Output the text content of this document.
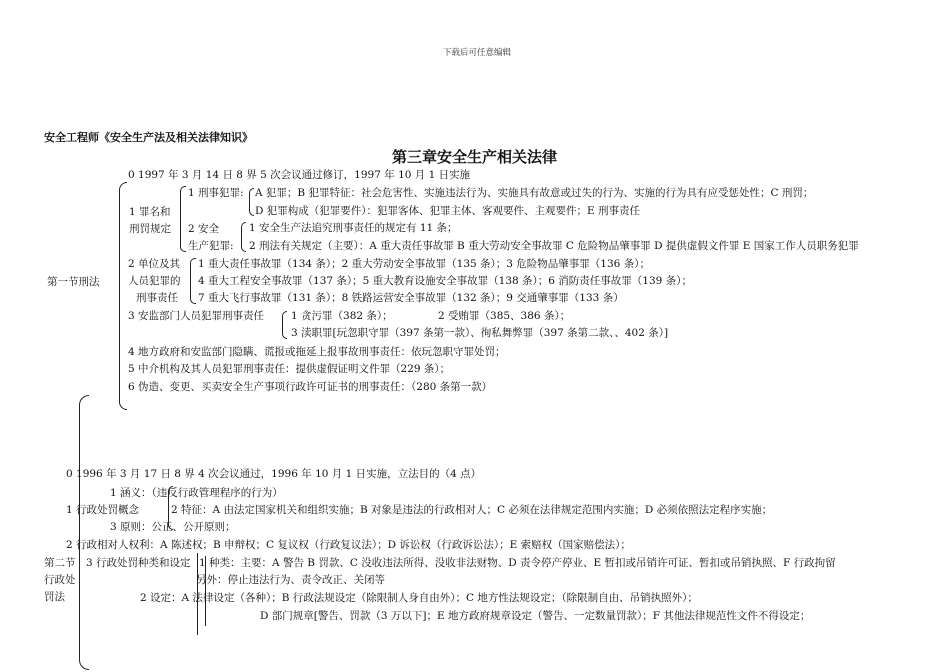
下载后可任意编辑
安全工程师《安全生产法及相关法律知识》
第三章安全生产相关法律
0 1997 年 3 月 14 日 8 界 5 次会议通过修订，1997 年 10 月 1 日实施
第一节刑法
1 罪名和
刑罚规定
1 刑事犯罪: A 犯罪；B 犯罪特征：社会危害性、实施违法行为、实施具有故意或过失的行为、实施的行为具有应受惩处性；C 刑罚；
D 犯罪构成（犯罪要件）：犯罪客体、犯罪主体、客观要件、主观要件；E 刑事责任
2 安全
生产犯罪:
1 安全生产法追究刑事责任的规定有 11 条；
2 刑法有关规定（主要）：A 重大责任事故罪 B 重大劳动安全事故罪 C 危险物品肇事罪 D 提供虚假文件罪 E 国家工作人员职务犯罪
2 单位及其
人员犯罪的
刑事责任
1 重大责任事故罪（134 条）；2 重大劳动安全事故罪（135 条）；3 危险物品肇事罪（136 条）；
4 重大工程安全事故罪（137 条）；5 重大教育设施安全事故罪（138 条）；6 消防责任事故罪（139 条）；
7 重大飞行事故罪（131 条）；8 铁路运营安全事故罪（132 条）；9 交通肇事罪（133 条）
3 安监部门人员犯罪刑事责任	1 贪污罪（382 条）；	2 受贿罪（385、386 条）；
3 渎职罪[玩忽职守罪（397 条第一款）、徇私舞弊罪（397 条第二款、、402 条）]
4 地方政府和安监部门隐瞒、谎报或拖延上报事故刑事责任：依玩忽职守罪处罚；
5 中介机构及其人员犯罪刑事责任：提供虚假证明文件罪（229 条）；
6 伪造、变更、买卖安全生产事项行政许可证书的刑事责任：（280 条第一款）
0 1996 年 3 月 17 日 8 界 4 次会议通过，1996 年 10 月 1 日实施，立法目的（4 点）
1 涵义：（违反行政管理程序的行为）
1 行政处罚概念	2 特征：A 由法定国家机关和组织实施；B 对象是违法的行政相对人；C 必须在法律规定范围内实施；D 必须依照法定程序实施；
3 原则：公正、公开原则；
2 行政相对人权利：A 陈述权；B 申辩权；C 复议权（行政复议法）；D 诉讼权（行政诉讼法）；E 索赔权（国家赔偿法）；
第二节
行政处
罚法
3 行政处罚种类和设定 1 种类：主要：A 警告 B 罚款、C 没收违法所得、没收非法财物、D 责令停产停业、E 暂扣或吊销许可证、暂扣或吊销执照、F 行政拘留
另外：停止违法行为、责令改正、关闭等
2 设定：A 法律设定（各种）；B 行政法规设定（除限制人身自由外）；C 地方性法规设定；（除限制自由、吊销执照外）；
D 部门规章[警告、罚款（3 万以下]；E 地方政府规章设定（警告、一定数量罚款）；F 其他法律规范性文件不得设定；
